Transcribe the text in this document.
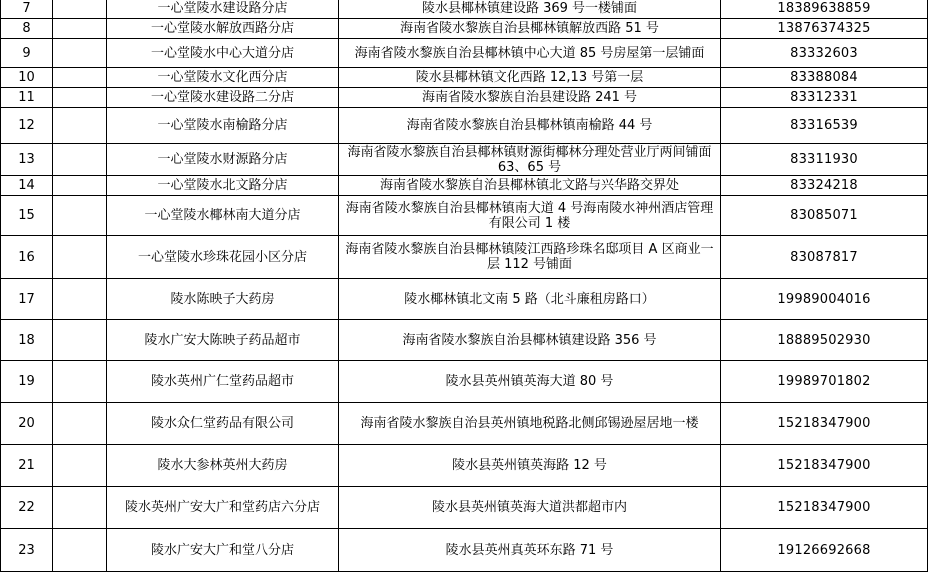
7		一心堂陵水建设路分店	陵水县椰林镇建设路 369 号一楼铺面	18389638859
8		一心堂陵水解放西路分店	海南省陵水黎族自治县椰林镇解放西路 51 号	13876374325
9		一心堂陵水中心大道分店	海南省陵水黎族自治县椰林镇中心大道 85 号房屋第一层铺面	83332603
10		一心堂陵水文化西分店	陵水县椰林镇文化西路 12,13 号第一层	83388084
11		一心堂陵水建设路二分店	海南省陵水黎族自治县建设路 241 号	83312331
12		一心堂陵水南榆路分店	海南省陵水黎族自治县椰林镇南榆路 44 号	83316539
13		一心堂陵水财源路分店	海南省陵水黎族自治县椰林镇财源街椰林分理处营业厅两间铺面 63、65 号	83311930
14		一心堂陵水北文路分店	海南省陵水黎族自治县椰林镇北文路与兴华路交界处	83324218
15		一心堂陵水椰林南大道分店	海南省陵水黎族自治县椰林镇南大道 4 号海南陵水神州酒店管理有限公司 1 楼	83085071
16		一心堂陵水珍珠花园小区分店	海南省陵水黎族自治县椰林镇陵江西路珍珠名邸项目 A 区商业一层 112 号铺面	83087817
17		陵水陈映子大药房	陵水椰林镇北文南 5 路（北斗廉租房路口）	19989004016
18		陵水广安大陈映子药品超市	海南省陵水黎族自治县椰林镇建设路 356 号	18889502930
19		陵水英州广仁堂药品超市	陵水县英州镇英海大道 80 号	19989701802
20		陵水众仁堂药品有限公司	海南省陵水黎族自治县英州镇地税路北侧邱锡逊屋居地一楼	15218347900
21		陵水大参林英州大药房	陵水县英州镇英海路 12 号	15218347900
22		陵水英州广安大广和堂药店六分店	陵水县英州镇英海大道洪都超市内	15218347900
23		陵水广安大广和堂八分店	陵水县英州真英环东路 71 号	19126692668
